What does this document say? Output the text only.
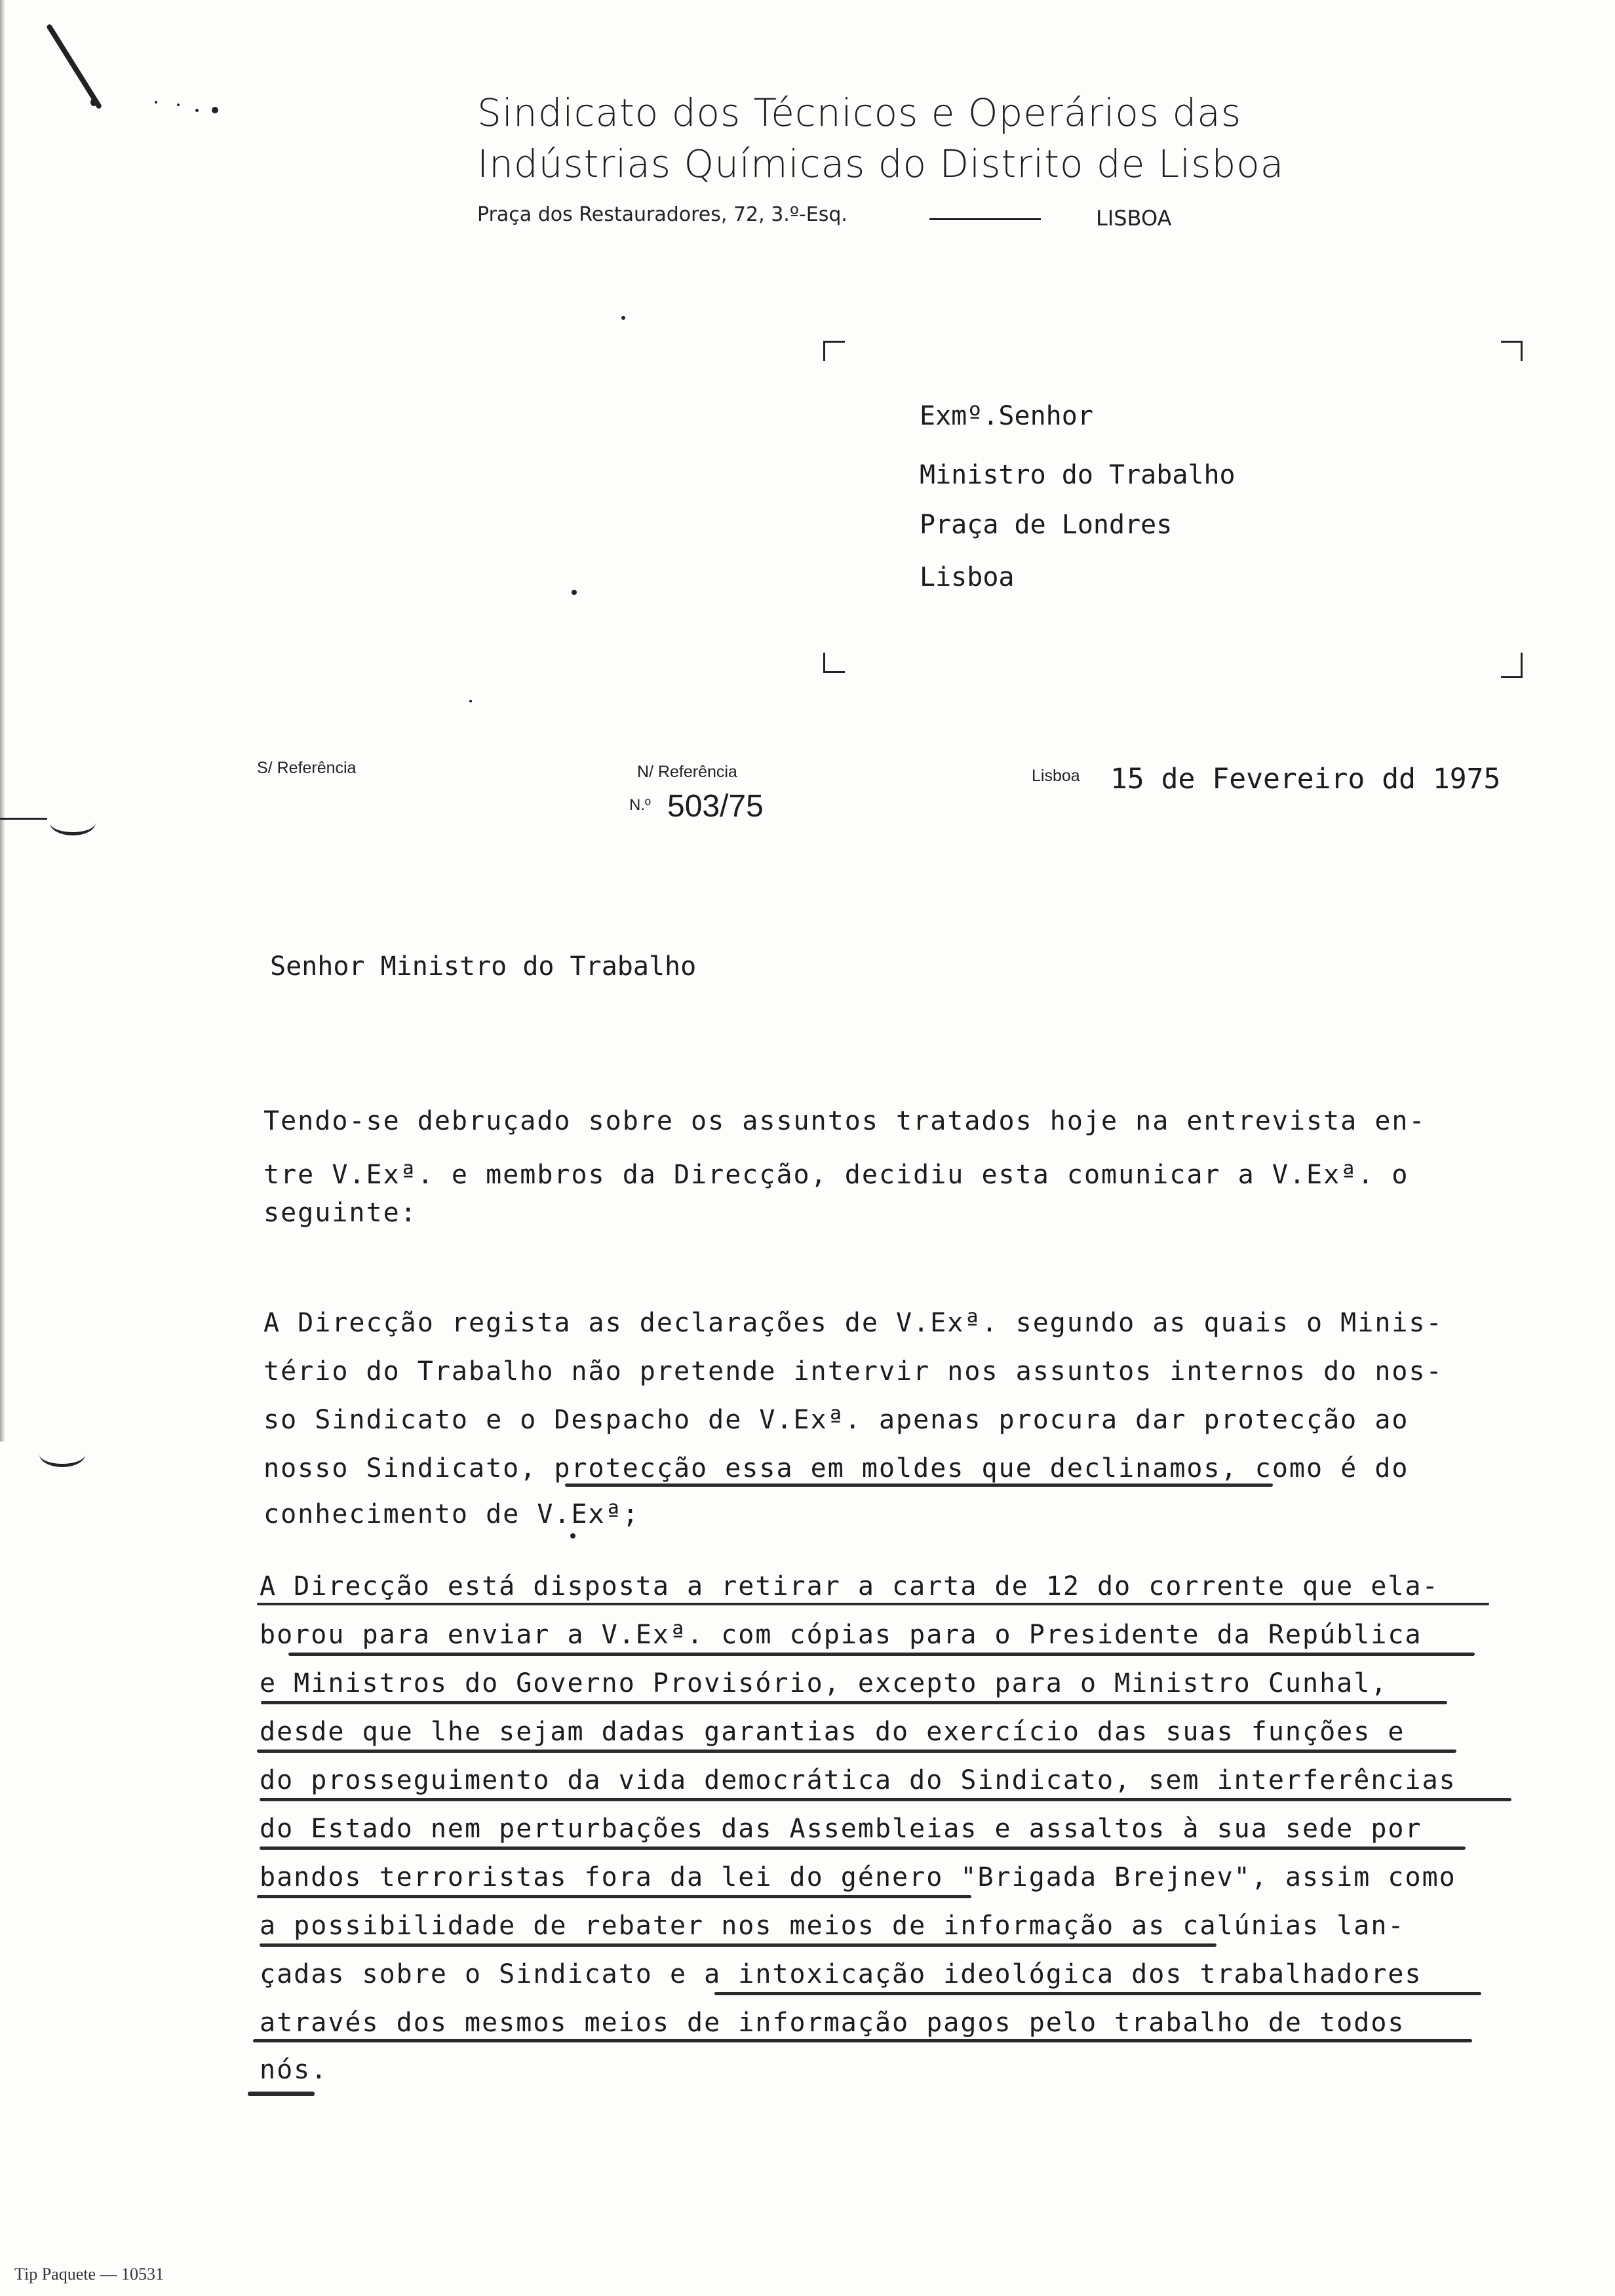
Sindicato dos Técnicos e Operários das
Indústrias Químicas do Distrito de Lisboa
Praça dos Restauradores, 72, 3.º-Esq.	LISBOA
Exmº.Senhor
Ministro do Trabalho
Praça de Londres
Lisboa
S/ Referência	N/ Referência
N.º 503/75
Lisboa 15 de Fevereiro dd 1975
Senhor Ministro do Trabalho
Tendo-se debruçado sobre os assuntos tratados hoje na entrevista en-
tre V.Exª. e membros da Direcção, decidiu esta comunicar a V.Exª. o
seguinte:
A Direcção regista as declarações de V.Exª. segundo as quais o Minis-
tério do Trabalho não pretende intervir nos assuntos internos do nos-
so Sindicato e o Despacho de V.Exª. apenas procura dar protecção ao
nosso Sindicato, protecção essa em moldes que declinamos, como é do
conhecimento de V.Exª;
A Direcção está disposta a retirar a carta de 12 do corrente que ela-
borou para enviar a V.Exª. com cópias para o Presidente da República
e Ministros do Governo Provisório, excepto para o Ministro Cunhal,
desde que lhe sejam dadas garantias do exercício das suas funções e
do prosseguimento da vida democrática do Sindicato, sem interferências
do Estado nem perturbações das Assembleias e assaltos à sua sede por
bandos terroristas fora da lei do género "Brigada Brejnev", assim como
a possibilidade de rebater nos meios de informação as calúnias lan-
çadas sobre o Sindicato e a intoxicação ideológica dos trabalhadores
através dos mesmos meios de informação pagos pelo trabalho de todos
nós.
Tip Paquete — 10531
